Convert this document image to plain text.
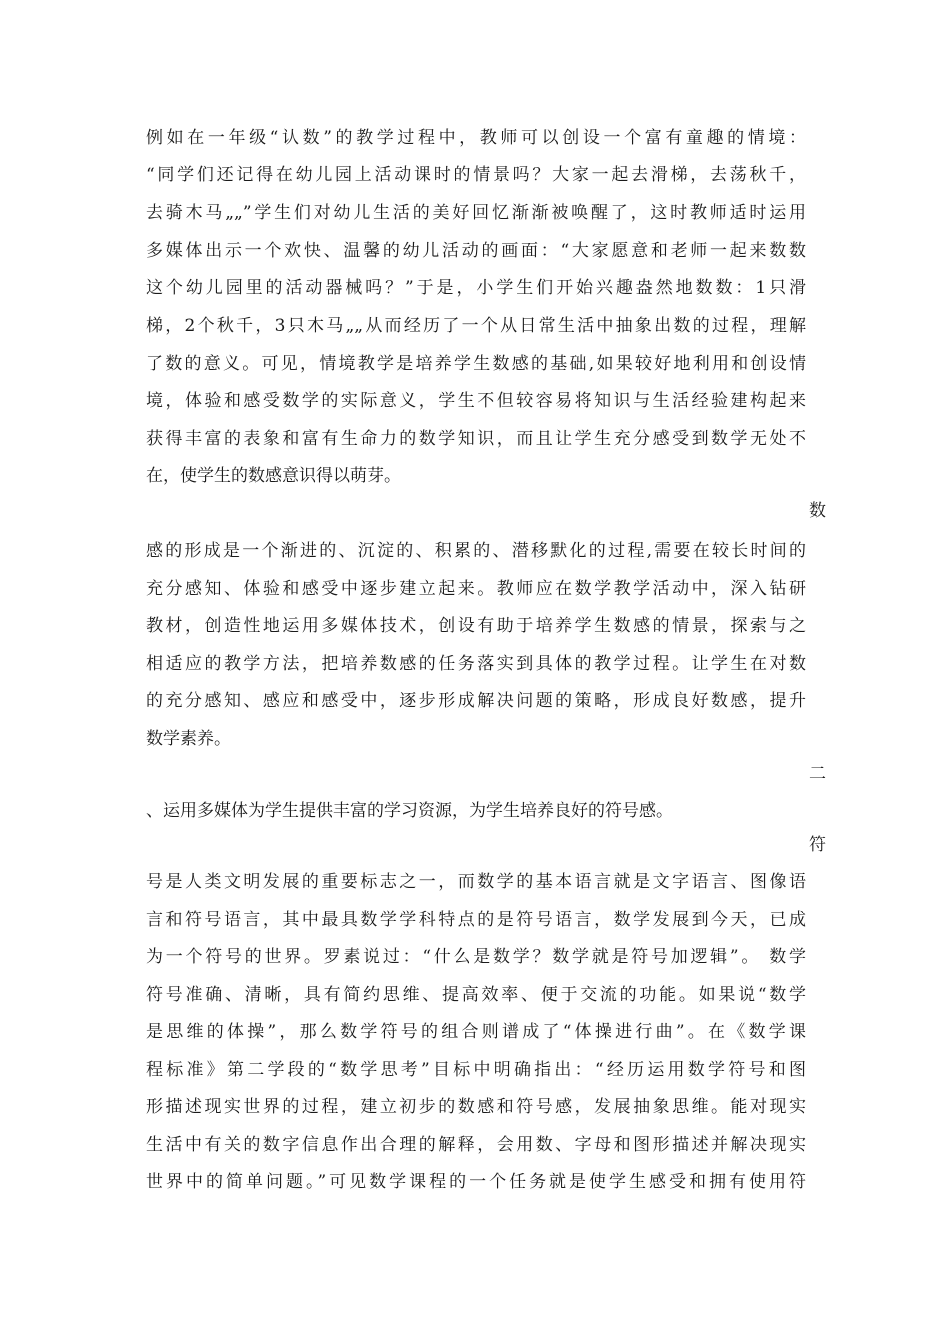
例如在一年级“认数”的教学过程中，教师可以创设一个富有童趣的情境：
“同学们还记得在幼儿园上活动课时的情景吗？大家一起去滑梯，去荡秋千，
去骑木马„„”学生们对幼儿生活的美好回忆渐渐被唤醒了，这时教师适时运用
多媒体出示一个欢快、温馨的幼儿活动的画面：“大家愿意和老师一起来数数
这个幼儿园里的活动器械吗？”于是，小学生们开始兴趣盎然地数数：1只滑
梯，2个秋千，3只木马„„从而经历了一个从日常生活中抽象出数的过程，理解
了数的意义。可见，情境教学是培养学生数感的基础,如果较好地利用和创设情
境，体验和感受数学的实际意义，学生不但较容易将知识与生活经验建构起来
获得丰富的表象和富有生命力的数学知识，而且让学生充分感受到数学无处不
在，使学生的数感意识得以萌芽。
数
感的形成是一个渐进的、沉淀的、积累的、潜移默化的过程,需要在较长时间的
充分感知、体验和感受中逐步建立起来。教师应在数学教学活动中，深入钻研
教材，创造性地运用多媒体技术，创设有助于培养学生数感的情景，探索与之
相适应的教学方法，把培养数感的任务落实到具体的教学过程。让学生在对数
的充分感知、感应和感受中，逐步形成解决问题的策略，形成良好数感，提升
数学素养。
二
、运用多媒体为学生提供丰富的学习资源，为学生培养良好的符号感。
符
号是人类文明发展的重要标志之一，而数学的基本语言就是文字语言、图像语
言和符号语言，其中最具数学学科特点的是符号语言，数学发展到今天，已成
为一个符号的世界。罗素说过：“什么是数学？数学就是符号加逻辑”。 数学
符号准确、清晰，具有简约思维、提高效率、便于交流的功能。如果说“数学
是思维的体操”，那么数学符号的组合则谱成了“体操进行曲”。在《数学课
程标准》第二学段的“数学思考”目标中明确指出：“经历运用数学符号和图
形描述现实世界的过程，建立初步的数感和符号感，发展抽象思维。能对现实
生活中有关的数字信息作出合理的解释，会用数、字母和图形描述并解决现实
世界中的简单问题。”可见数学课程的一个任务就是使学生感受和拥有使用符
